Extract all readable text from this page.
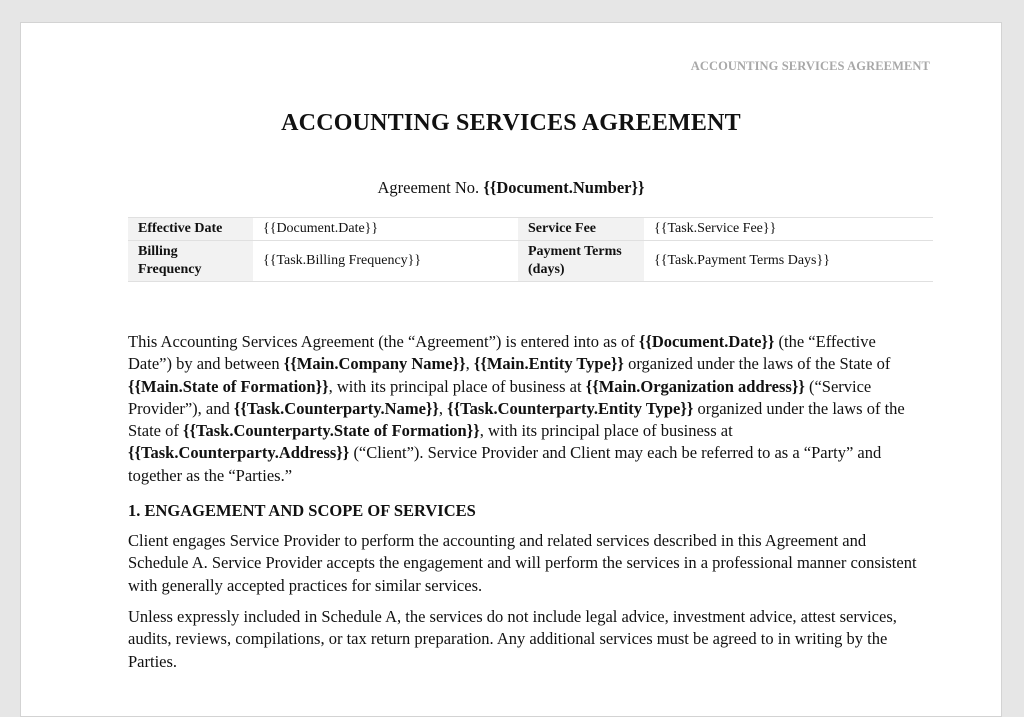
ACCOUNTING SERVICES AGREEMENT
ACCOUNTING SERVICES AGREEMENT
Agreement No. {{Document.Number}}
Effective Date	{{Document.Date}}	Service Fee	{{Task.Service Fee}}
Billing Frequency	{{Task.Billing Frequency}}	Payment Terms (days)	{{Task.Payment Terms Days}}

This Accounting Services Agreement (the “Agreement”) is entered into as of {{Document.Date}} (the “Effective Date”) by and between {{Main.Company Name}}, {{Main.Entity Type}} organized under the laws of the State of {{Main.State of Formation}}, with its principal place of business at {{Main.Organization address}} (“Service Provider”), and {{Task.Counterparty.Name}}, {{Task.Counterparty.Entity Type}} organized under the laws of the State of {{Task.Counterparty.State of Formation}}, with its principal place of business at {{Task.Counterparty.Address}} (“Client”). Service Provider and Client may each be referred to as a “Party” and together as the “Parties.”

1. ENGAGEMENT AND SCOPE OF SERVICES

Client engages Service Provider to perform the accounting and related services described in this Agreement and Schedule A. Service Provider accepts the engagement and will perform the services in a professional manner consistent with generally accepted practices for similar services.

Unless expressly included in Schedule A, the services do not include legal advice, investment advice, attest services, audits, reviews, compilations, or tax return preparation. Any additional services must be agreed to in writing by the Parties.
